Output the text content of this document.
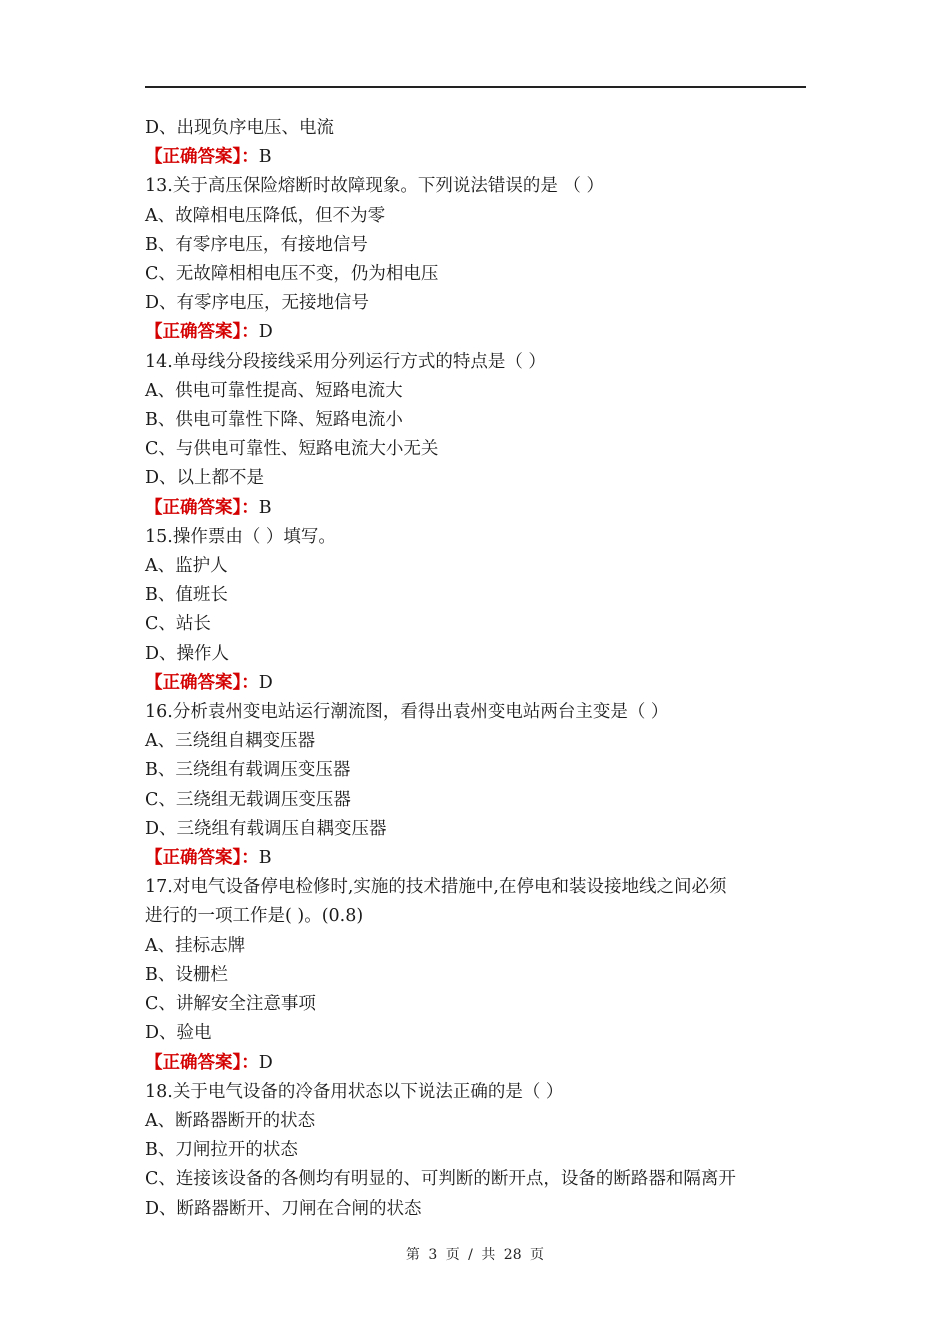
D、出现负序电压、电流
【正确答案】：B
13.关于高压保险熔断时故障现象。下列说法错误的是 （ ）
A、故障相电压降低，但不为零
B、有零序电压，有接地信号
C、无故障相相电压不变，仍为相电压
D、有零序电压，无接地信号
【正确答案】：D
14.单母线分段接线采用分列运行方式的特点是（ ）
A、供电可靠性提高、短路电流大
B、供电可靠性下降、短路电流小
C、与供电可靠性、短路电流大小无关
D、以上都不是
【正确答案】：B
15.操作票由（ ）填写。
A、监护人
B、值班长
C、站长
D、操作人
【正确答案】：D
16.分析袁州变电站运行潮流图，看得出袁州变电站两台主变是（ ）
A、三绕组自耦变压器
B、三绕组有载调压变压器
C、三绕组无载调压变压器
D、三绕组有载调压自耦变压器
【正确答案】：B
17.对电气设备停电检修时,实施的技术措施中,在停电和装设接地线之间必须
进行的一项工作是( )。(0.8)
A、挂标志牌
B、设栅栏
C、讲解安全注意事项
D、验电
【正确答案】：D
18.关于电气设备的冷备用状态以下说法正确的是（ ）
A、断路器断开的状态
B、刀闸拉开的状态
C、连接该设备的各侧均有明显的、可判断的断开点，设备的断路器和隔离开
D、断路器断开、刀闸在合闸的状态
第 3 页 / 共 28 页
